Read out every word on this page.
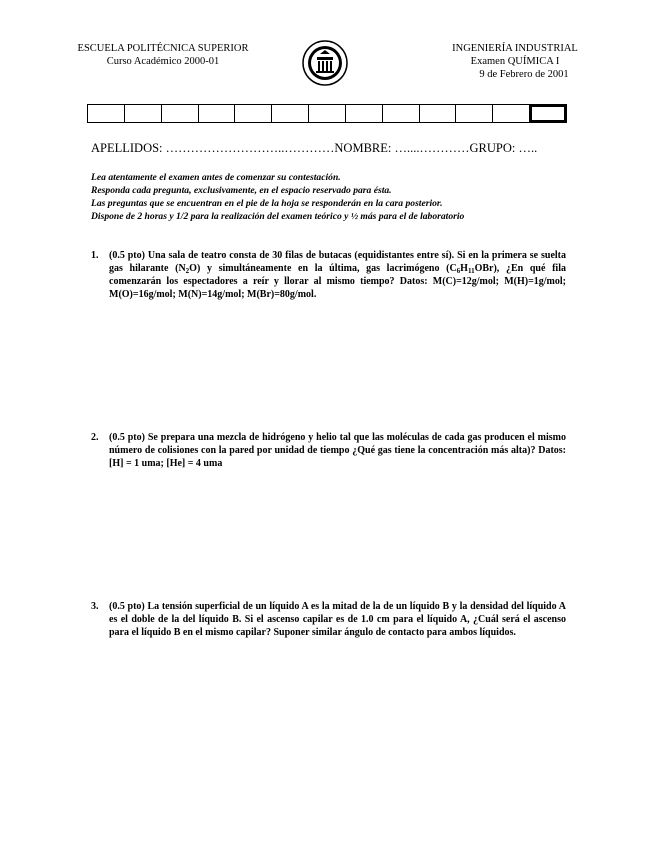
ESCUELA POLITÉCNICA SUPERIOR
Curso Académico 2000-01
INGENIERÍA INDUSTRIAL
Examen QUÍMICA I
9 de Febrero de 2001
APELLIDOS: ………………………..…………NOMBRE: …....…………GRUPO: …..
Lea atentamente el examen antes de comenzar su contestación.
Responda cada pregunta, exclusivamente, en el espacio reservado para ésta.
Las preguntas que se encuentran en el pie de la hoja se responderán en la cara posterior.
Dispone de 2 horas y 1/2 para la realización del examen teórico y ½ más para el de laboratorio
1. (0.5 pto) Una sala de teatro consta de 30 filas de butacas (equidistantes entre sí). Si en la primera se suelta gas hilarante $(N_2O)$ y simultáneamente en la última, gas lacrimógeno $(C_6H_{11}OBr)$, ¿En qué fila comenzarán los espectadores a reír y llorar al mismo tiempo? Datos: M(C)=12g/mol; M(H)=1g/mol; M(O)=16g/mol; M(N)=14g/mol; M(Br)=80g/mol.
2. (0.5 pto) Se prepara una mezcla de hidrógeno y helio tal que las moléculas de cada gas producen el mismo número de colisiones con la pared por unidad de tiempo ¿Qué gas tiene la concentración más alta)? Datos: [H] = 1 uma; [He] = 4 uma
3. (0.5 pto) La tensión superficial de un líquido A es la mitad de la de un líquido B y la densidad del líquido A es el doble de la del líquido B. Si el ascenso capilar es de 1.0 cm para el líquido A, ¿Cuál será el ascenso para el líquido B en el mismo capilar? Suponer similar ángulo de contacto para ambos líquidos.
